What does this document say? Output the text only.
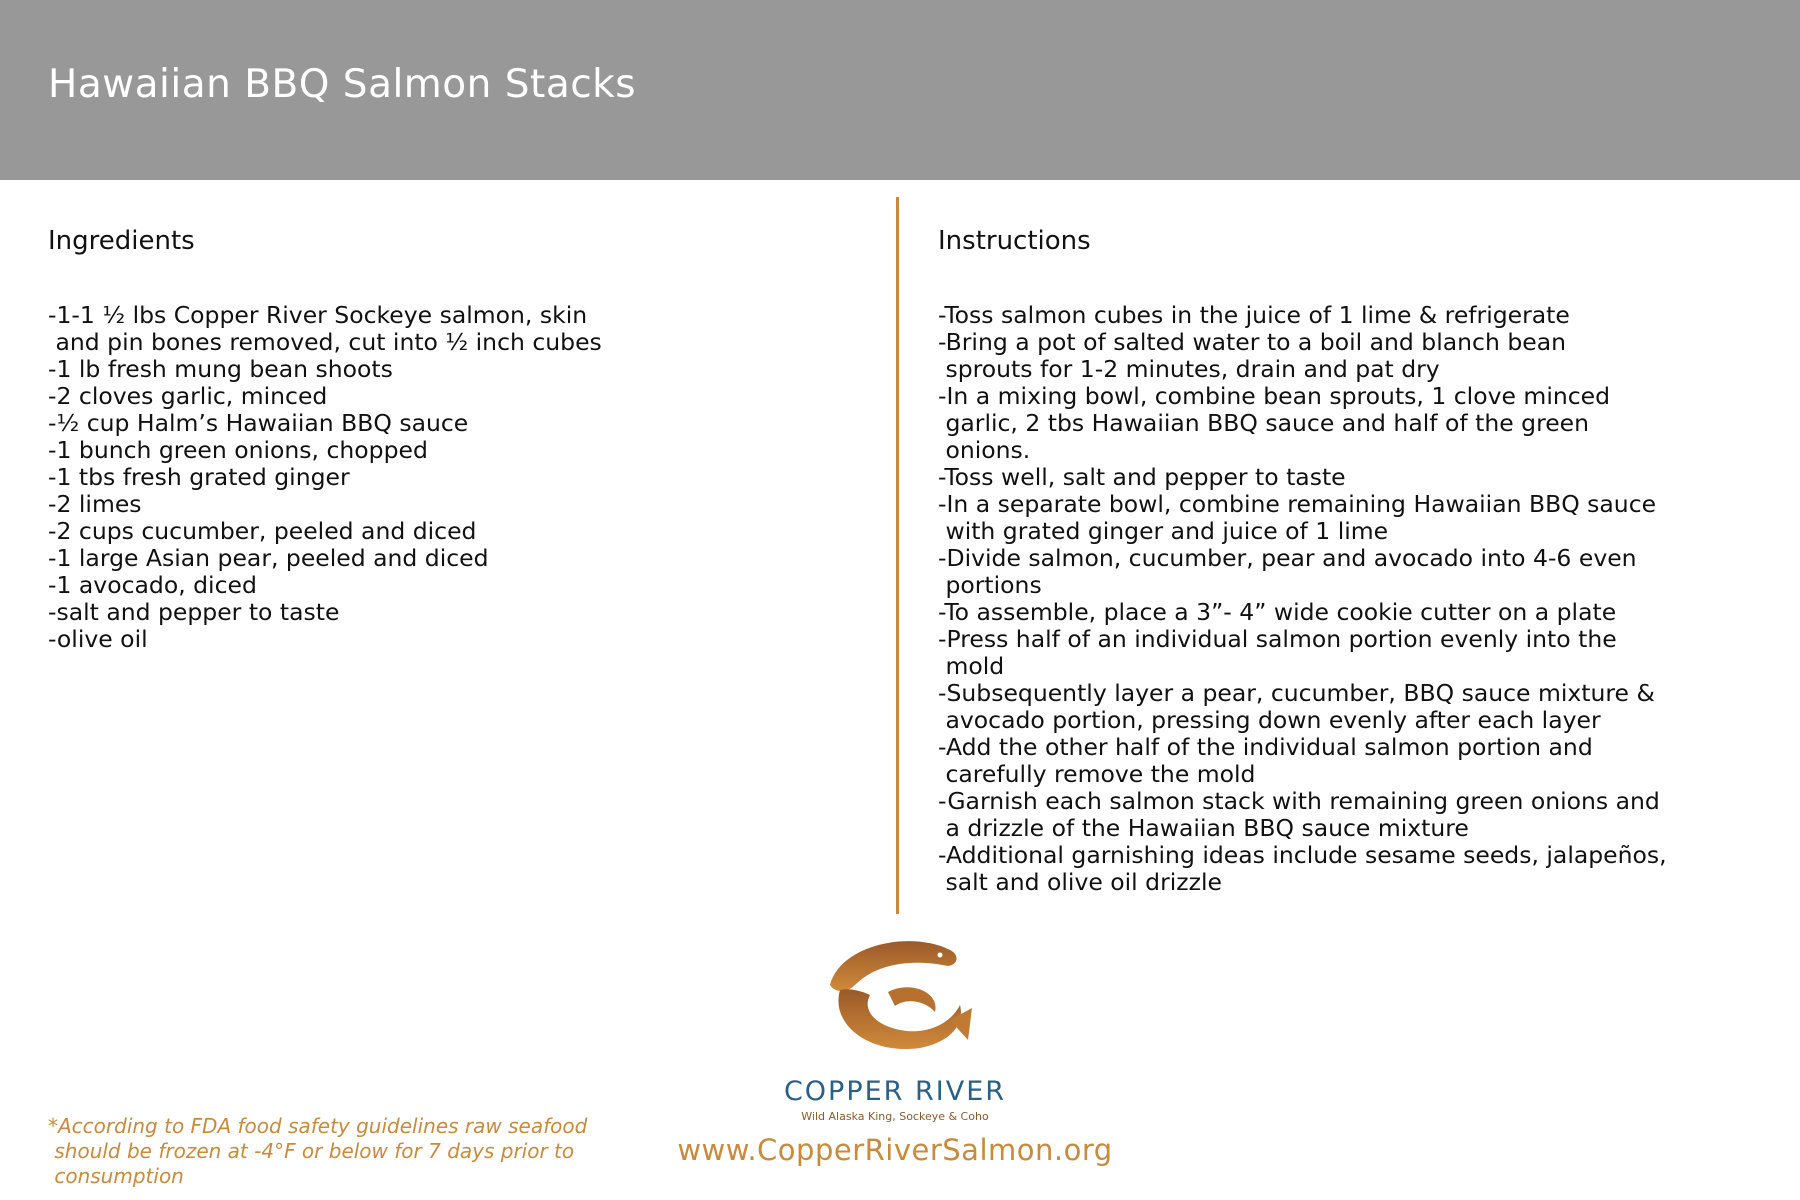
Hawaiian BBQ Salmon Stacks
Ingredients
-1-1 ½ lbs Copper River Sockeye salmon, skin
and pin bones removed, cut into ½ inch cubes
-1 lb fresh mung bean shoots
-2 cloves garlic, minced
-½ cup Halm’s Hawaiian BBQ sauce
-1 bunch green onions, chopped
-1 tbs fresh grated ginger
-2 limes
-2 cups cucumber, peeled and diced
-1 large Asian pear, peeled and diced
-1 avocado, diced
-salt and pepper to taste
-olive oil
Instructions
-Toss salmon cubes in the juice of 1 lime & refrigerate
-Bring a pot of salted water to a boil and blanch bean
sprouts for 1-2 minutes, drain and pat dry
-In a mixing bowl, combine bean sprouts, 1 clove minced
garlic, 2 tbs Hawaiian BBQ sauce and half of the green
onions.
-Toss well, salt and pepper to taste
-In a separate bowl, combine remaining Hawaiian BBQ sauce
with grated ginger and juice of 1 lime
-Divide salmon, cucumber, pear and avocado into 4-6 even
portions
-To assemble, place a 3”- 4” wide cookie cutter on a plate
-Press half of an individual salmon portion evenly into the
mold
-Subsequently layer a pear, cucumber, BBQ sauce mixture &
avocado portion, pressing down evenly after each layer
-Add the other half of the individual salmon portion and
carefully remove the mold
-Garnish each salmon stack with remaining green onions and
a drizzle of the Hawaiian BBQ sauce mixture
-Additional garnishing ideas include sesame seeds, jalapeños,
salt and olive oil drizzle
COPPER RIVER
Wild Alaska King, Sockeye & Coho
www.CopperRiverSalmon.org
*According to FDA food safety guidelines raw seafood
should be frozen at -4°F or below for 7 days prior to
consumption
